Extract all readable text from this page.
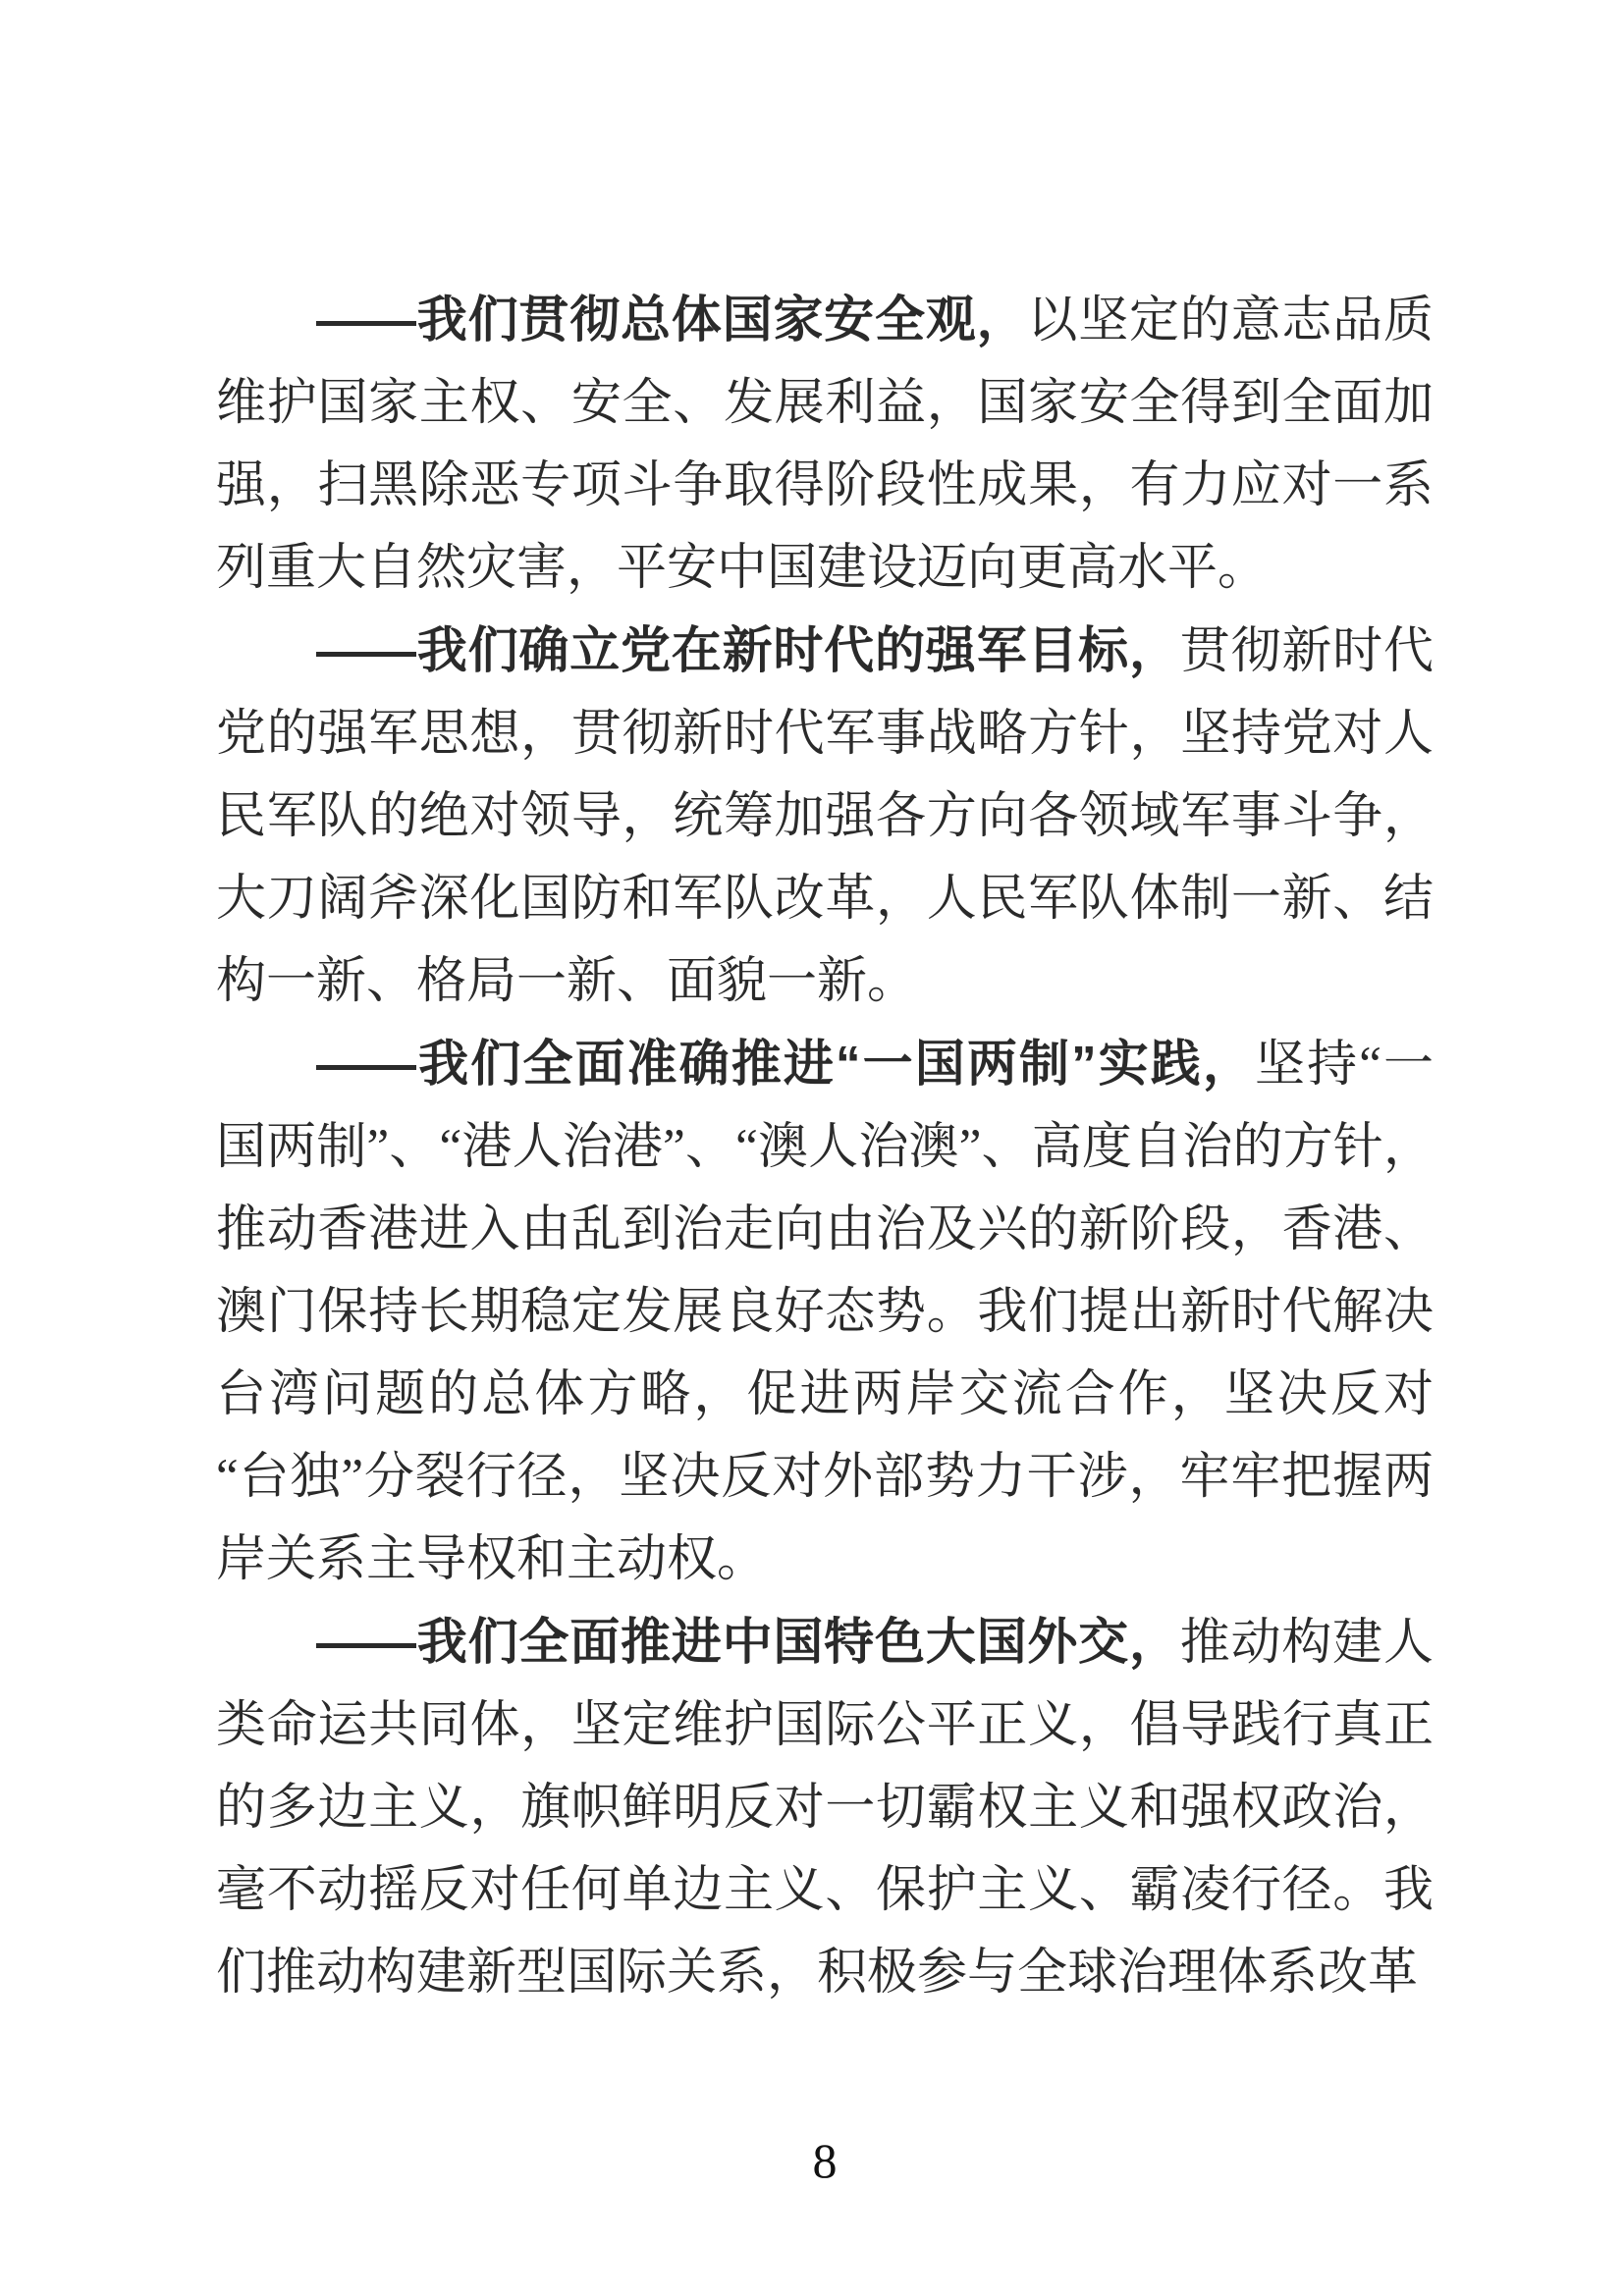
——我们贯彻总体国家安全观，以坚定的意志品质维护国家主权、安全、发展利益，国家安全得到全面加强，扫黑除恶专项斗争取得阶段性成果，有力应对一系列重大自然灾害，平安中国建设迈向更高水平。

——我们确立党在新时代的强军目标，贯彻新时代党的强军思想，贯彻新时代军事战略方针，坚持党对人民军队的绝对领导，统筹加强各方向各领域军事斗争，大刀阔斧深化国防和军队改革，人民军队体制一新、结构一新、格局一新、面貌一新。

——我们全面准确推进“一国两制”实践，坚持“一国两制”、“港人治港”、“澳人治澳”、高度自治的方针，推动香港进入由乱到治走向由治及兴的新阶段，香港、澳门保持长期稳定发展良好态势。我们提出新时代解决台湾问题的总体方略，促进两岸交流合作，坚决反对“台独”分裂行径，坚决反对外部势力干涉，牢牢把握两岸关系主导权和主动权。

——我们全面推进中国特色大国外交，推动构建人类命运共同体，坚定维护国际公平正义，倡导践行真正的多边主义，旗帜鲜明反对一切霸权主义和强权政治，毫不动摇反对任何单边主义、保护主义、霸凌行径。我们推动构建新型国际关系，积极参与全球治理体系改革

8
